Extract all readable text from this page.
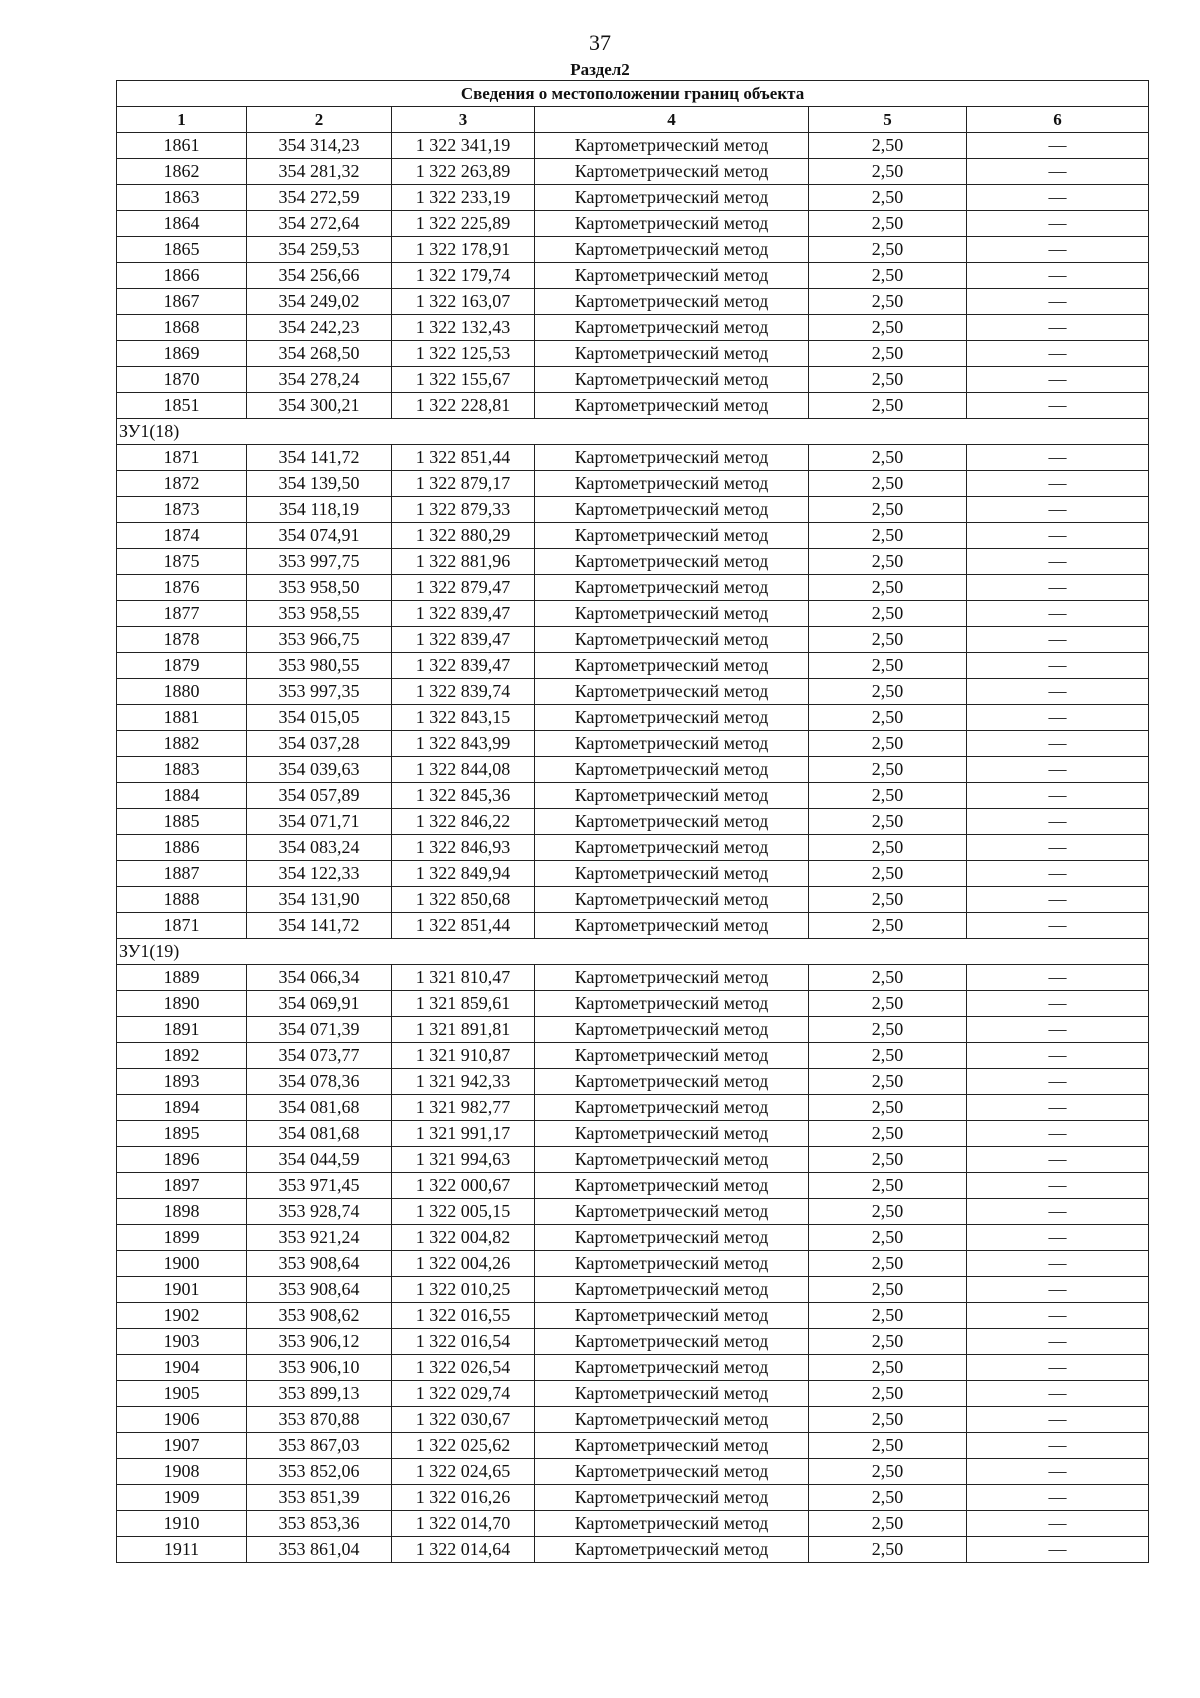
37
Раздел2
Сведения о местоположении границ объекта					
1	2	3	4	5	6
1861	354 314,23	1 322 341,19	Картометрический метод	2,50	—
1862	354 281,32	1 322 263,89	Картометрический метод	2,50	—
1863	354 272,59	1 322 233,19	Картометрический метод	2,50	—
1864	354 272,64	1 322 225,89	Картометрический метод	2,50	—
1865	354 259,53	1 322 178,91	Картометрический метод	2,50	—
1866	354 256,66	1 322 179,74	Картометрический метод	2,50	—
1867	354 249,02	1 322 163,07	Картометрический метод	2,50	—
1868	354 242,23	1 322 132,43	Картометрический метод	2,50	—
1869	354 268,50	1 322 125,53	Картометрический метод	2,50	—
1870	354 278,24	1 322 155,67	Картометрический метод	2,50	—
1851	354 300,21	1 322 228,81	Картометрический метод	2,50	—
ЗУ1(18)					
1871	354 141,72	1 322 851,44	Картометрический метод	2,50	—
1872	354 139,50	1 322 879,17	Картометрический метод	2,50	—
1873	354 118,19	1 322 879,33	Картометрический метод	2,50	—
1874	354 074,91	1 322 880,29	Картометрический метод	2,50	—
1875	353 997,75	1 322 881,96	Картометрический метод	2,50	—
1876	353 958,50	1 322 879,47	Картометрический метод	2,50	—
1877	353 958,55	1 322 839,47	Картометрический метод	2,50	—
1878	353 966,75	1 322 839,47	Картометрический метод	2,50	—
1879	353 980,55	1 322 839,47	Картометрический метод	2,50	—
1880	353 997,35	1 322 839,74	Картометрический метод	2,50	—
1881	354 015,05	1 322 843,15	Картометрический метод	2,50	—
1882	354 037,28	1 322 843,99	Картометрический метод	2,50	—
1883	354 039,63	1 322 844,08	Картометрический метод	2,50	—
1884	354 057,89	1 322 845,36	Картометрический метод	2,50	—
1885	354 071,71	1 322 846,22	Картометрический метод	2,50	—
1886	354 083,24	1 322 846,93	Картометрический метод	2,50	—
1887	354 122,33	1 322 849,94	Картометрический метод	2,50	—
1888	354 131,90	1 322 850,68	Картометрический метод	2,50	—
1871	354 141,72	1 322 851,44	Картометрический метод	2,50	—
ЗУ1(19)					
1889	354 066,34	1 321 810,47	Картометрический метод	2,50	—
1890	354 069,91	1 321 859,61	Картометрический метод	2,50	—
1891	354 071,39	1 321 891,81	Картометрический метод	2,50	—
1892	354 073,77	1 321 910,87	Картометрический метод	2,50	—
1893	354 078,36	1 321 942,33	Картометрический метод	2,50	—
1894	354 081,68	1 321 982,77	Картометрический метод	2,50	—
1895	354 081,68	1 321 991,17	Картометрический метод	2,50	—
1896	354 044,59	1 321 994,63	Картометрический метод	2,50	—
1897	353 971,45	1 322 000,67	Картометрический метод	2,50	—
1898	353 928,74	1 322 005,15	Картометрический метод	2,50	—
1899	353 921,24	1 322 004,82	Картометрический метод	2,50	—
1900	353 908,64	1 322 004,26	Картометрический метод	2,50	—
1901	353 908,64	1 322 010,25	Картометрический метод	2,50	—
1902	353 908,62	1 322 016,55	Картометрический метод	2,50	—
1903	353 906,12	1 322 016,54	Картометрический метод	2,50	—
1904	353 906,10	1 322 026,54	Картометрический метод	2,50	—
1905	353 899,13	1 322 029,74	Картометрический метод	2,50	—
1906	353 870,88	1 322 030,67	Картометрический метод	2,50	—
1907	353 867,03	1 322 025,62	Картометрический метод	2,50	—
1908	353 852,06	1 322 024,65	Картометрический метод	2,50	—
1909	353 851,39	1 322 016,26	Картометрический метод	2,50	—
1910	353 853,36	1 322 014,70	Картометрический метод	2,50	—
1911	353 861,04	1 322 014,64	Картометрический метод	2,50	—
